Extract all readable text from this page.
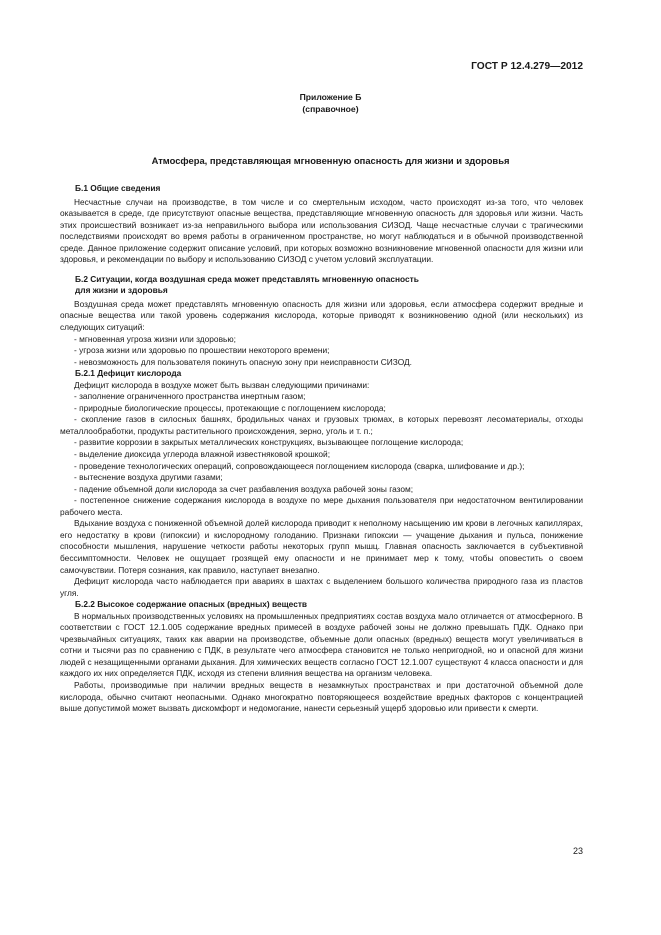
ГОСТ Р 12.4.279—2012
Приложение Б
(справочное)
Атмосфера, представляющая мгновенную опасность для жизни и здоровья

Б.1 Общие сведения

Несчастные случаи на производстве, в том числе и со смертельным исходом, часто происходят из-за того, что человек оказывается в среде, где присутствуют опасные вещества, представляющие мгновенную опасность для здоровья или жизни. Часть этих происшествий возникает из-за неправильного выбора или использования СИЗОД. Чаще несчастные случаи с трагическими последствиями происходят во время работы в ограниченном пространстве, но могут наблюдаться и в обычной производственной среде. Данное приложение содержит описание условий, при которых возможно возникновение мгновенной опасности для жизни или здоровья, и рекомендации по выбору и использованию СИЗОД с учетом условий эксплуатации.

Б.2 Ситуации, когда воздушная среда может представлять мгновенную опасность

для жизни и здоровья

Воздушная среда может представлять мгновенную опасность для жизни или здоровья, если атмосфера содержит вредные и опасные вещества или такой уровень содержания кислорода, которые приводят к возникновению одной (или нескольких) из следующих ситуаций:

- мгновенная угроза жизни или здоровью;

- угроза жизни или здоровью по прошествии некоторого времени;

- невозможность для пользователя покинуть опасную зону при неисправности СИЗОД.

Б.2.1 Дефицит кислорода

Дефицит кислорода в воздухе может быть вызван следующими причинами:

- заполнение ограниченного пространства инертным газом;

- природные биологические процессы, протекающие с поглощением кислорода;

- скопление газов в силосных башнях, бродильных чанах и грузовых трюмах, в которых перевозят лесоматериалы, отходы металлообработки, продукты растительного происхождения, зерно, уголь и т. п.;

- развитие коррозии в закрытых металлических конструкциях, вызывающее поглощение кислорода;

- выделение диоксида углерода влажной известняковой крошкой;

- проведение технологических операций, сопровождающееся поглощением кислорода (сварка, шлифование и др.);

- вытеснение воздуха другими газами;

- падение объемной доли кислорода за счет разбавления воздуха рабочей зоны газом;

- постепенное снижение содержания кислорода в воздухе по мере дыхания пользователя при недостаточном вентилировании рабочего места.

Вдыхание воздуха с пониженной объемной долей кислорода приводит к неполному насыщению им крови в легочных капиллярах, его недостатку в крови (гипоксии) и кислородному голоданию. Признаки гипоксии — учащение дыхания и пульса, понижение способности мышления, нарушение четкости работы некоторых групп мышц. Главная опасность заключается в субъективной бессимптомности. Человек не ощущает грозящей ему опасности и не принимает мер к тому, чтобы оповестить о своем самочувствии. Потеря сознания, как правило, наступает внезапно.

Дефицит кислорода часто наблюдается при авариях в шахтах с выделением большого количества природного газа из пластов угля.

Б.2.2 Высокое содержание опасных (вредных) веществ

В нормальных производственных условиях на промышленных предприятиях состав воздуха мало отличается от атмосферного. В соответствии с ГОСТ 12.1.005 содержание вредных примесей в воздухе рабочей зоны не должно превышать ПДК. Однако при чрезвычайных ситуациях, таких как аварии на производстве, объемные доли опасных (вредных) веществ могут увеличиваться в сотни и тысячи раз по сравнению с ПДК, в результате чего атмосфера становится не только непригодной, но и опасной для жизни людей с незащищенными органами дыхания. Для химических веществ согласно ГОСТ 12.1.007 существуют 4 класса опасности и для каждого их них определяется ПДК, исходя из степени влияния вещества на организм человека.

Работы, производимые при наличии вредных веществ в незамкнутых пространствах и при достаточной объемной доле кислорода, обычно считают неопасными. Однако многократно повторяющееся воздействие вредных факторов с концентрацией выше допустимой может вызвать дискомфорт и недомогание, нанести серьезный ущерб здоровью или привести к смерти.

23
